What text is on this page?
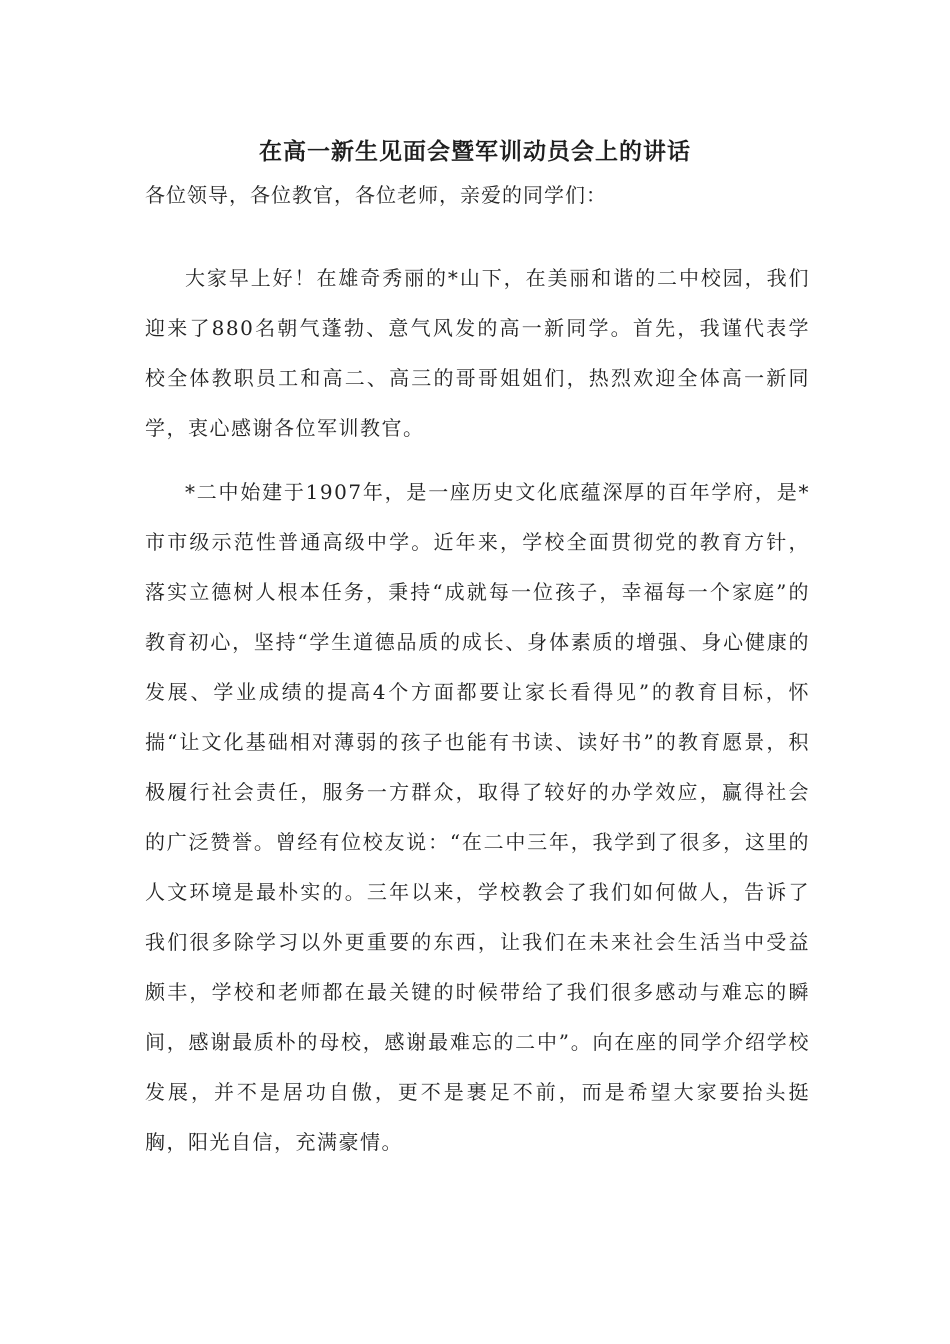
在高一新生见面会暨军训动员会上的讲话
各位领导，各位教官，各位老师，亲爱的同学们：

大家早上好！在雄奇秀丽的*山下，在美丽和谐的二中校园，我们迎来了880名朝气蓬勃、意气风发的高一新同学。首先，我谨代表学校全体教职员工和高二、高三的哥哥姐姐们，热烈欢迎全体高一新同学，衷心感谢各位军训教官。

*二中始建于1907年，是一座历史文化底蕴深厚的百年学府，是*市市级示范性普通高级中学。近年来，学校全面贯彻党的教育方针，落实立德树人根本任务，秉持“成就每一位孩子，幸福每一个家庭”的教育初心，坚持“学生道德品质的成长、身体素质的增强、身心健康的发展、学业成绩的提高4个方面都要让家长看得见”的教育目标，怀揣“让文化基础相对薄弱的孩子也能有书读、读好书”的教育愿景，积极履行社会责任，服务一方群众，取得了较好的办学效应，赢得社会的广泛赞誉。曾经有位校友说：“在二中三年，我学到了很多，这里的人文环境是最朴实的。三年以来，学校教会了我们如何做人，告诉了我们很多除学习以外更重要的东西，让我们在未来社会生活当中受益颇丰，学校和老师都在最关键的时候带给了我们很多感动与难忘的瞬间，感谢最质朴的母校，感谢最难忘的二中”。向在座的同学介绍学校发展，并不是居功自傲，更不是裹足不前，而是希望大家要抬头挺胸，阳光自信，充满豪情。
